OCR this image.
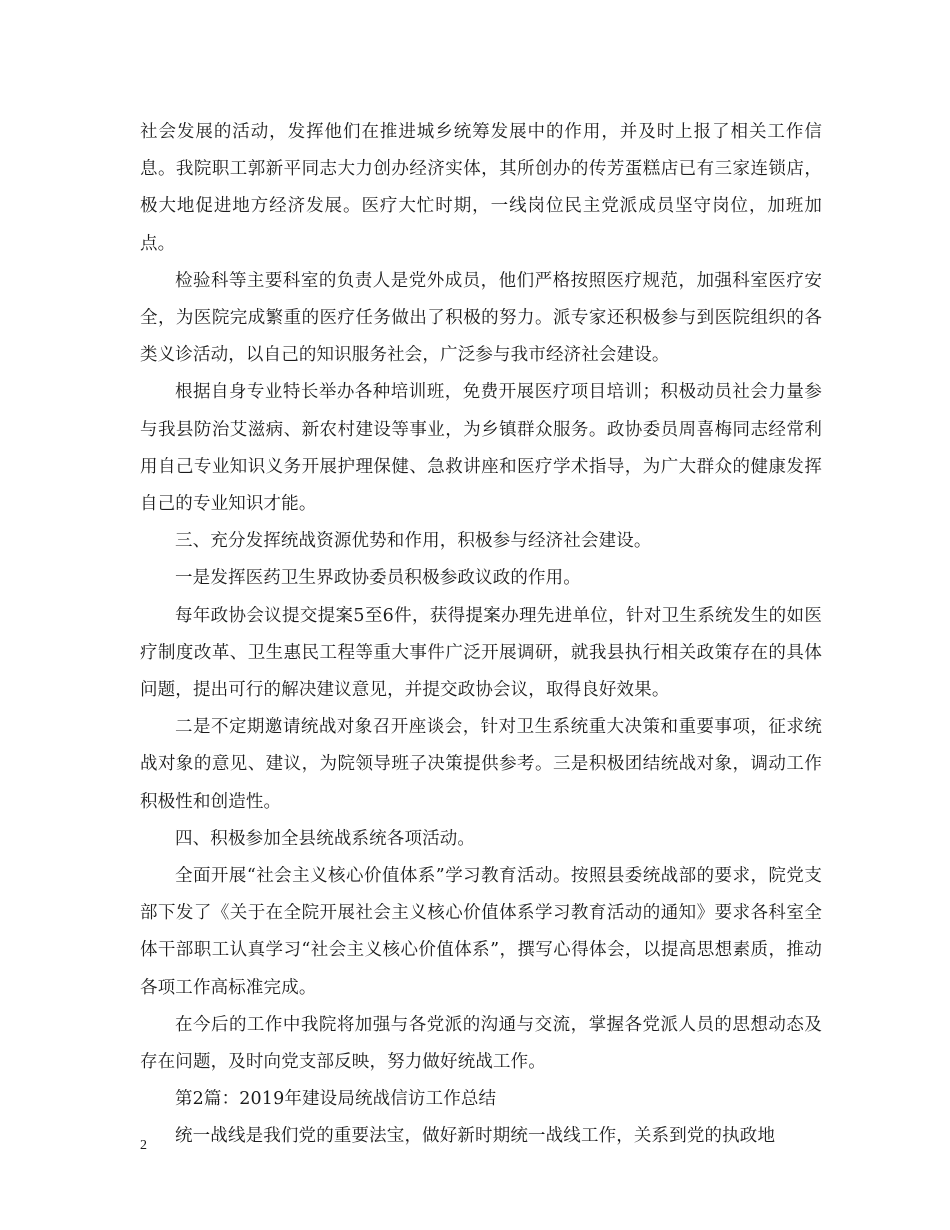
社会发展的活动，发挥他们在推进城乡统筹发展中的作用，并及时上报了相关工作信息。我院职工郭新平同志大力创办经济实体，其所创办的传芳蛋糕店已有三家连锁店，极大地促进地方经济发展。医疗大忙时期，一线岗位民主党派成员坚守岗位，加班加点。

检验科等主要科室的负责人是党外成员，他们严格按照医疗规范，加强科室医疗安全，为医院完成繁重的医疗任务做出了积极的努力。派专家还积极参与到医院组织的各类义诊活动，以自己的知识服务社会，广泛参与我市经济社会建设。

根据自身专业特长举办各种培训班，免费开展医疗项目培训；积极动员社会力量参与我县防治艾滋病、新农村建设等事业，为乡镇群众服务。政协委员周喜梅同志经常利用自己专业知识义务开展护理保健、急救讲座和医疗学术指导，为广大群众的健康发挥自己的专业知识才能。

三、充分发挥统战资源优势和作用，积极参与经济社会建设。

一是发挥医药卫生界政协委员积极参政议政的作用。

每年政协会议提交提案5至6件，获得提案办理先进单位，针对卫生系统发生的如医疗制度改革、卫生惠民工程等重大事件广泛开展调研，就我县执行相关政策存在的具体问题，提出可行的解决建议意见，并提交政协会议，取得良好效果。

二是不定期邀请统战对象召开座谈会，针对卫生系统重大决策和重要事项，征求统战对象的意见、建议，为院领导班子决策提供参考。三是积极团结统战对象，调动工作积极性和创造性。

四、积极参加全县统战系统各项活动。

全面开展“社会主义核心价值体系”学习教育活动。按照县委统战部的要求，院党支部下发了《关于在全院开展社会主义核心价值体系学习教育活动的通知》要求各科室全体干部职工认真学习“社会主义核心价值体系”，撰写心得体会，以提高思想素质，推动各项工作高标准完成。

在今后的工作中我院将加强与各党派的沟通与交流，掌握各党派人员的思想动态及存在问题，及时向党支部反映，努力做好统战工作。

第2篇：2019年建设局统战信访工作总结

统一战线是我们党的重要法宝，做好新时期统一战线工作，关系到党的执政地

2
